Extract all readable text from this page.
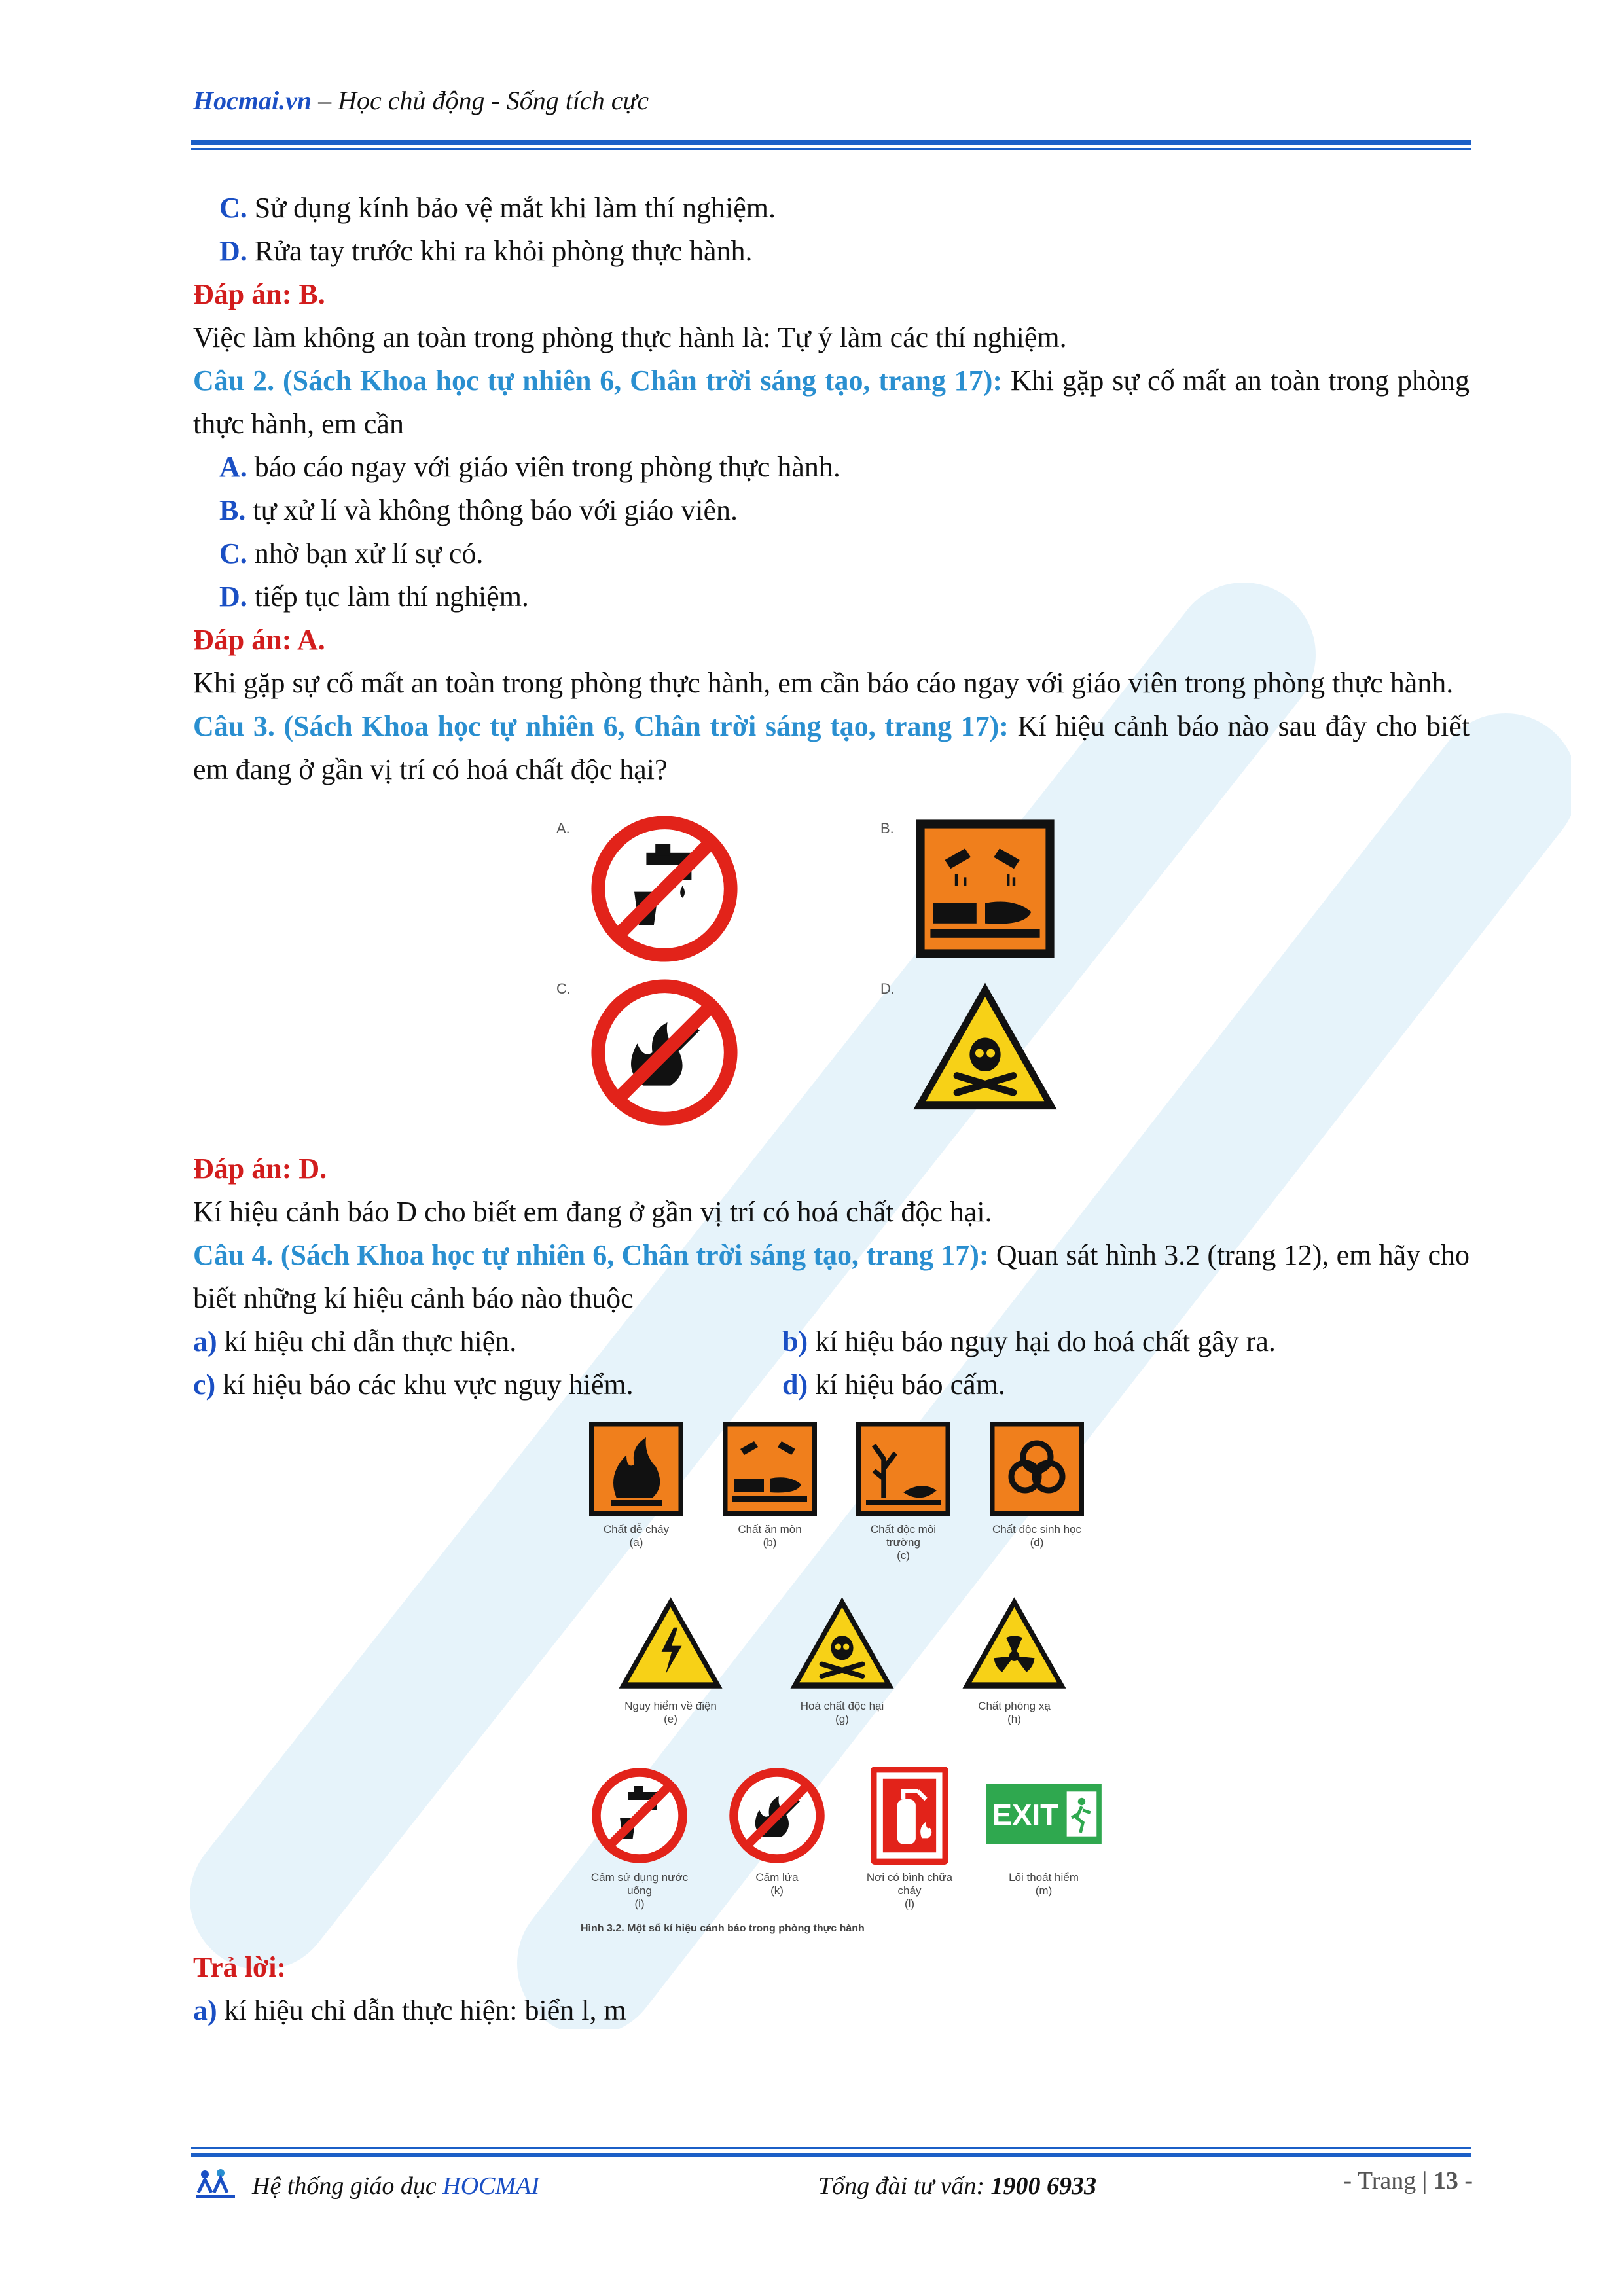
Hocmai.vn – Học chủ động - Sống tích cực
C. Sử dụng kính bảo vệ mắt khi làm thí nghiệm.
D. Rửa tay trước khi ra khỏi phòng thực hành.
Đáp án: B.
Việc làm không an toàn trong phòng thực hành là: Tự ý làm các thí nghiệm.
Câu 2. (Sách Khoa học tự nhiên 6, Chân trời sáng tạo, trang 17): Khi gặp sự cố mất an toàn trong phòng thực hành, em cần
A. báo cáo ngay với giáo viên trong phòng thực hành.
B. tự xử lí và không thông báo với giáo viên.
C. nhờ bạn xử lí sự có.
D. tiếp tục làm thí nghiệm.
Đáp án: A.
Khi gặp sự cố mất an toàn trong phòng thực hành, em cần báo cáo ngay với giáo viên trong phòng thực hành.
Câu 3. (Sách Khoa học tự nhiên 6, Chân trời sáng tạo, trang 17): Kí hiệu cảnh báo nào sau đây cho biết em đang ở gần vị trí có hoá chất độc hại?
A.	B.
C.	D.
Đáp án: D.
Kí hiệu cảnh báo D cho biết em đang ở gần vị trí có hoá chất độc hại.
Câu 4. (Sách Khoa học tự nhiên 6, Chân trời sáng tạo, trang 17): Quan sát hình 3.2 (trang 12), em hãy cho biết những kí hiệu cảnh báo nào thuộc
a) kí hiệu chỉ dẫn thực hiện.	b) kí hiệu báo nguy hại do hoá chất gây ra.
c) kí hiệu báo các khu vực nguy hiểm.	d) kí hiệu báo cấm.
Chất dễ cháy
(a)
Chất ăn mòn
(b)
Chất độc môi trường
(c)
Chất độc sinh học
(d)
Nguy hiểm về điện
(e)
Hoá chất độc hại
(g)
Chất phóng xạ
(h)
EXIT
Cấm sử dụng nước uống
(i)
Cấm lửa
(k)
Nơi có bình chữa cháy
(l)
Lối thoát hiểm
(m)
Hình 3.2. Một số kí hiệu cảnh báo trong phòng thực hành
Trả lời:
a) kí hiệu chỉ dẫn thực hiện: biển l, m
Hệ thống giáo dục HOCMAI	Tổng đài tư vấn: 1900 6933	- Trang | 13 -
